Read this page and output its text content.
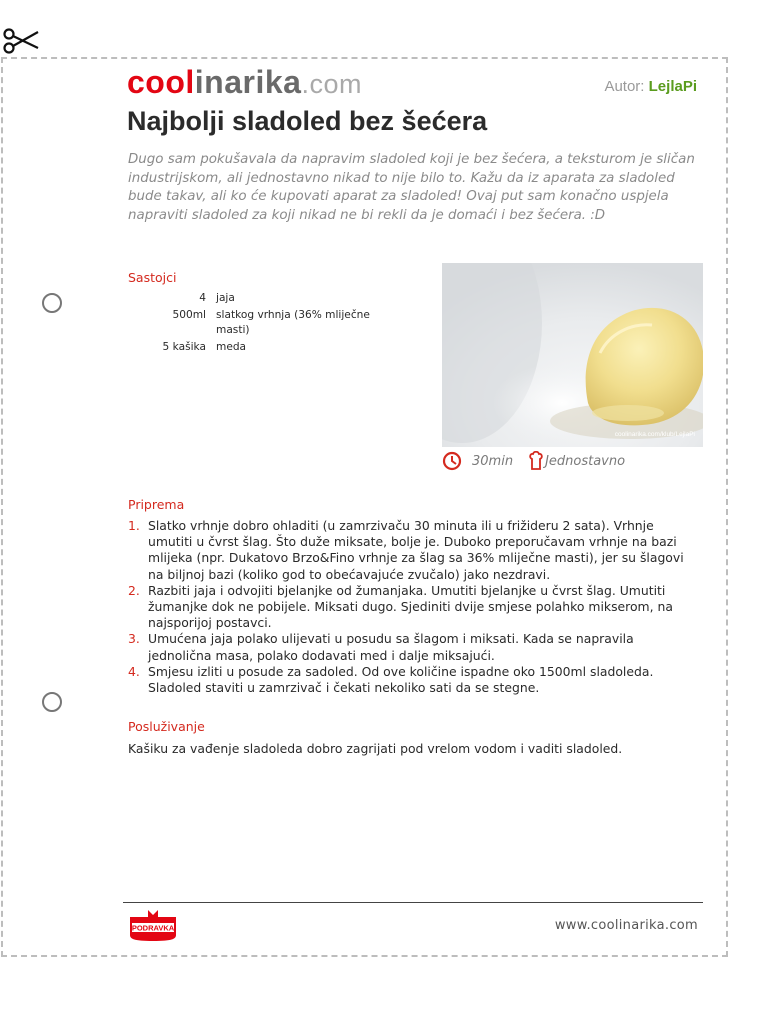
coolinarika.com	Autor: LejlaPi
Najbolji sladoled bez šećera

Dugo sam pokušavala da napravim sladoled koji je bez šećera, a teksturom je sličan industrijskom, ali jednostavno nikad to nije bilo to. Kažu da iz aparata za sladoled bude takav, ali ko će kupovati aparat za sladoled! Ovaj put sam konačno uspjela napraviti sladoled za koji nikad ne bi rekli da je domaći i bez šećera. :D

Sastojci
4 jaja
500ml slatkog vrhnja (36% mliječne masti)
5 kašika meda
coolinarika.com/klub/LejlaPi
30min Jednostavno
Priprema
1. Slatko vrhnje dobro ohladiti (u zamrzivaču 30 minuta ili u frižideru 2 sata). Vrhnje umutiti u čvrst šlag. Što duže miksate, bolje je. Duboko preporučavam vrhnje na bazi mlijeka (npr. Dukatovo Brzo&Fino vrhnje za šlag sa 36% mliječne masti), jer su šlagovi na biljnoj bazi (koliko god to obećavajuće zvučalo) jako nezdravi.
2. Razbiti jaja i odvojiti bjelanjke od žumanjaka. Umutiti bjelanjke u čvrst šlag. Umutiti žumanjke dok ne pobijele. Miksati dugo. Sjediniti dvije smjese polahko mikserom, na najsporijoj postavci.
3. Umućena jaja polako ulijevati u posudu sa šlagom i miksati. Kada se napravila jednolična masa, polako dodavati med i dalje miksajući.
4. Smjesu izliti u posude za sadoled. Od ove količine ispadne oko 1500ml sladoleda. Sladoled staviti u zamrzivač i čekati nekoliko sati da se stegne.
Posluživanje

Kašiku za vađenje sladoleda dobro zagrijati pod vrelom vodom i vaditi sladoled.

PODRAVKA	www.coolinarika.com
